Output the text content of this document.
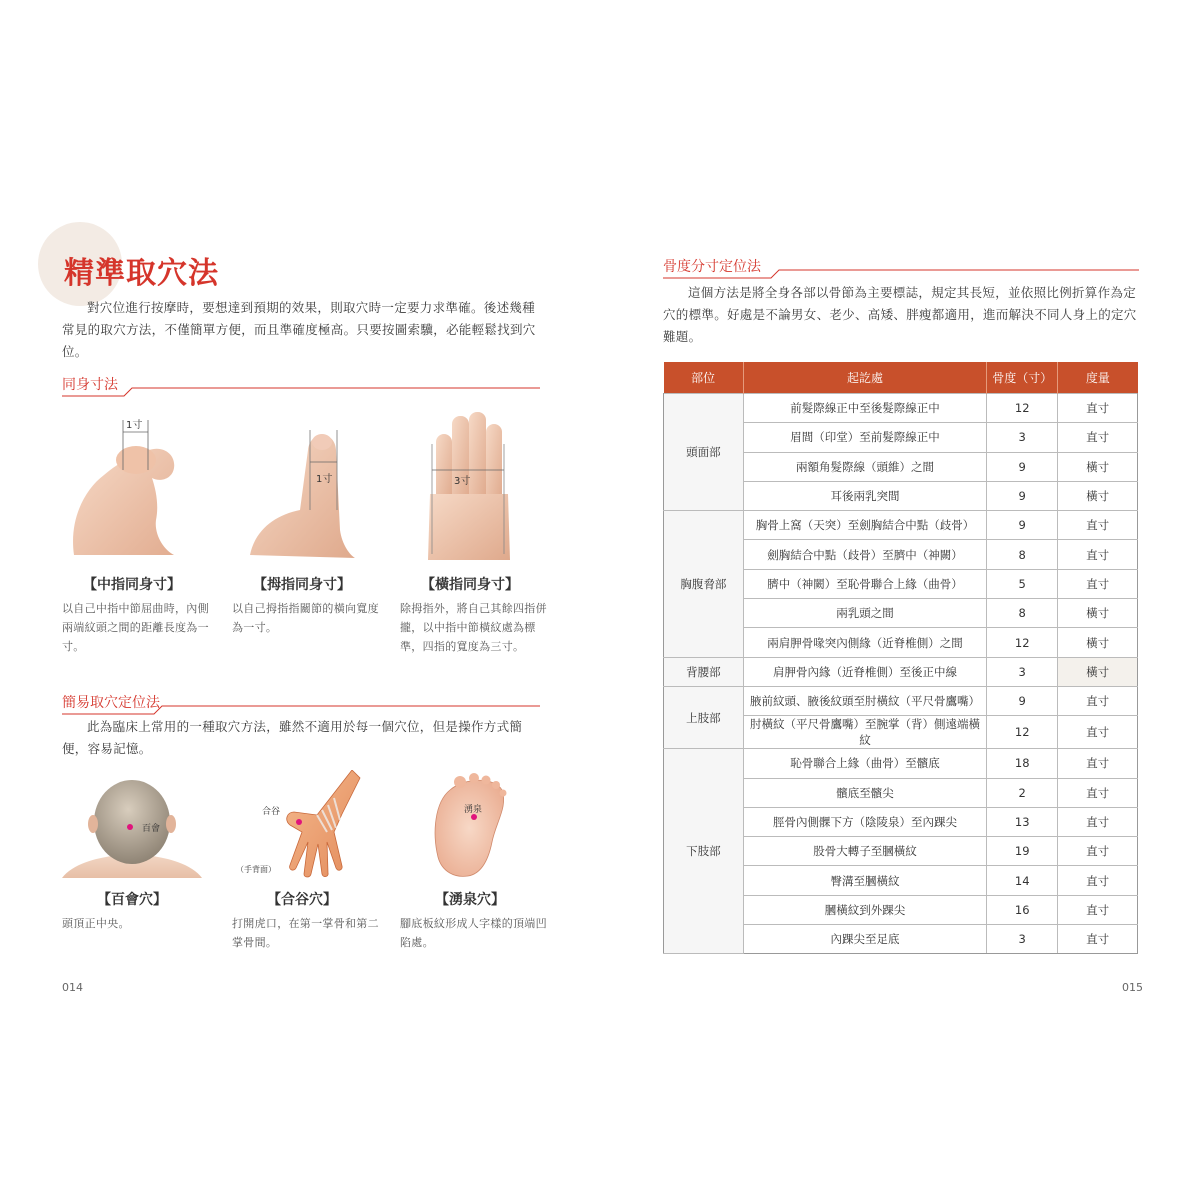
精準取穴法
對穴位進行按摩時，要想達到預期的效果，則取穴時一定要力求準確。後述幾種常見的取穴方法，不僅簡單方便，而且準確度極高。只要按圖索驥，必能輕鬆找到穴位。
同身寸法
1寸
1寸	3寸
【中指同身寸】	【拇指同身寸】	【橫指同身寸】
以自己中指中節屈曲時，內側兩端紋頭之間的距離長度為一寸。
以自己拇指指關節的橫向寬度為一寸。
除拇指外，將自己其餘四指併攏，以中指中節橫紋處為標準，四指的寬度為三寸。
簡易取穴定位法
此為臨床上常用的一種取穴方法，雖然不適用於每一個穴位，但是操作方式簡便，容易記憶。
百會
合谷
（手背面）
湧泉
【百會穴】	【合谷穴】	【湧泉穴】
頭頂正中央。	打開虎口，在第一掌骨和第二掌骨間。
腳底板紋形成人字樣的頂端凹陷處。
014
骨度分寸定位法
這個方法是將全身各部以骨節為主要標誌，規定其長短，並依照比例折算作為定穴的標準。好處是不論男女、老少、高矮、胖瘦都適用，進而解決不同人身上的定穴難題。
部位	起訖處	骨度（寸）	度量
頭面部	前髮際線正中至後髮際線正中	12	直寸
	眉間（印堂）至前髮際線正中	3	直寸
	兩額角髮際線（頭維）之間	9	橫寸
	耳後兩乳突間	9	橫寸
胸腹脅部	胸骨上窩（天突）至劍胸結合中點（歧骨）	9	直寸
	劍胸結合中點（歧骨）至臍中（神闕）	8	直寸
	臍中（神闕）至恥骨聯合上緣（曲骨）	5	直寸
	兩乳頭之間	8	橫寸
	兩肩胛骨喙突內側緣（近脊椎側）之間	12	橫寸
背腰部	肩胛骨內緣（近脊椎側）至後正中線	3	橫寸
上肢部	腋前紋頭、腋後紋頭至肘橫紋（平尺骨鷹嘴）	9	直寸
	肘橫紋（平尺骨鷹嘴）至腕掌（背）側遠端橫紋	12	直寸
下肢部	恥骨聯合上緣（曲骨）至髕底	18	直寸
	髕底至髕尖	2	直寸
	脛骨內側髁下方（陰陵泉）至內踝尖	13	直寸
	股骨大轉子至膕橫紋	19	直寸
	臀溝至膕橫紋	14	直寸
	膕橫紋到外踝尖	16	直寸
	內踝尖至足底	3	直寸
015
